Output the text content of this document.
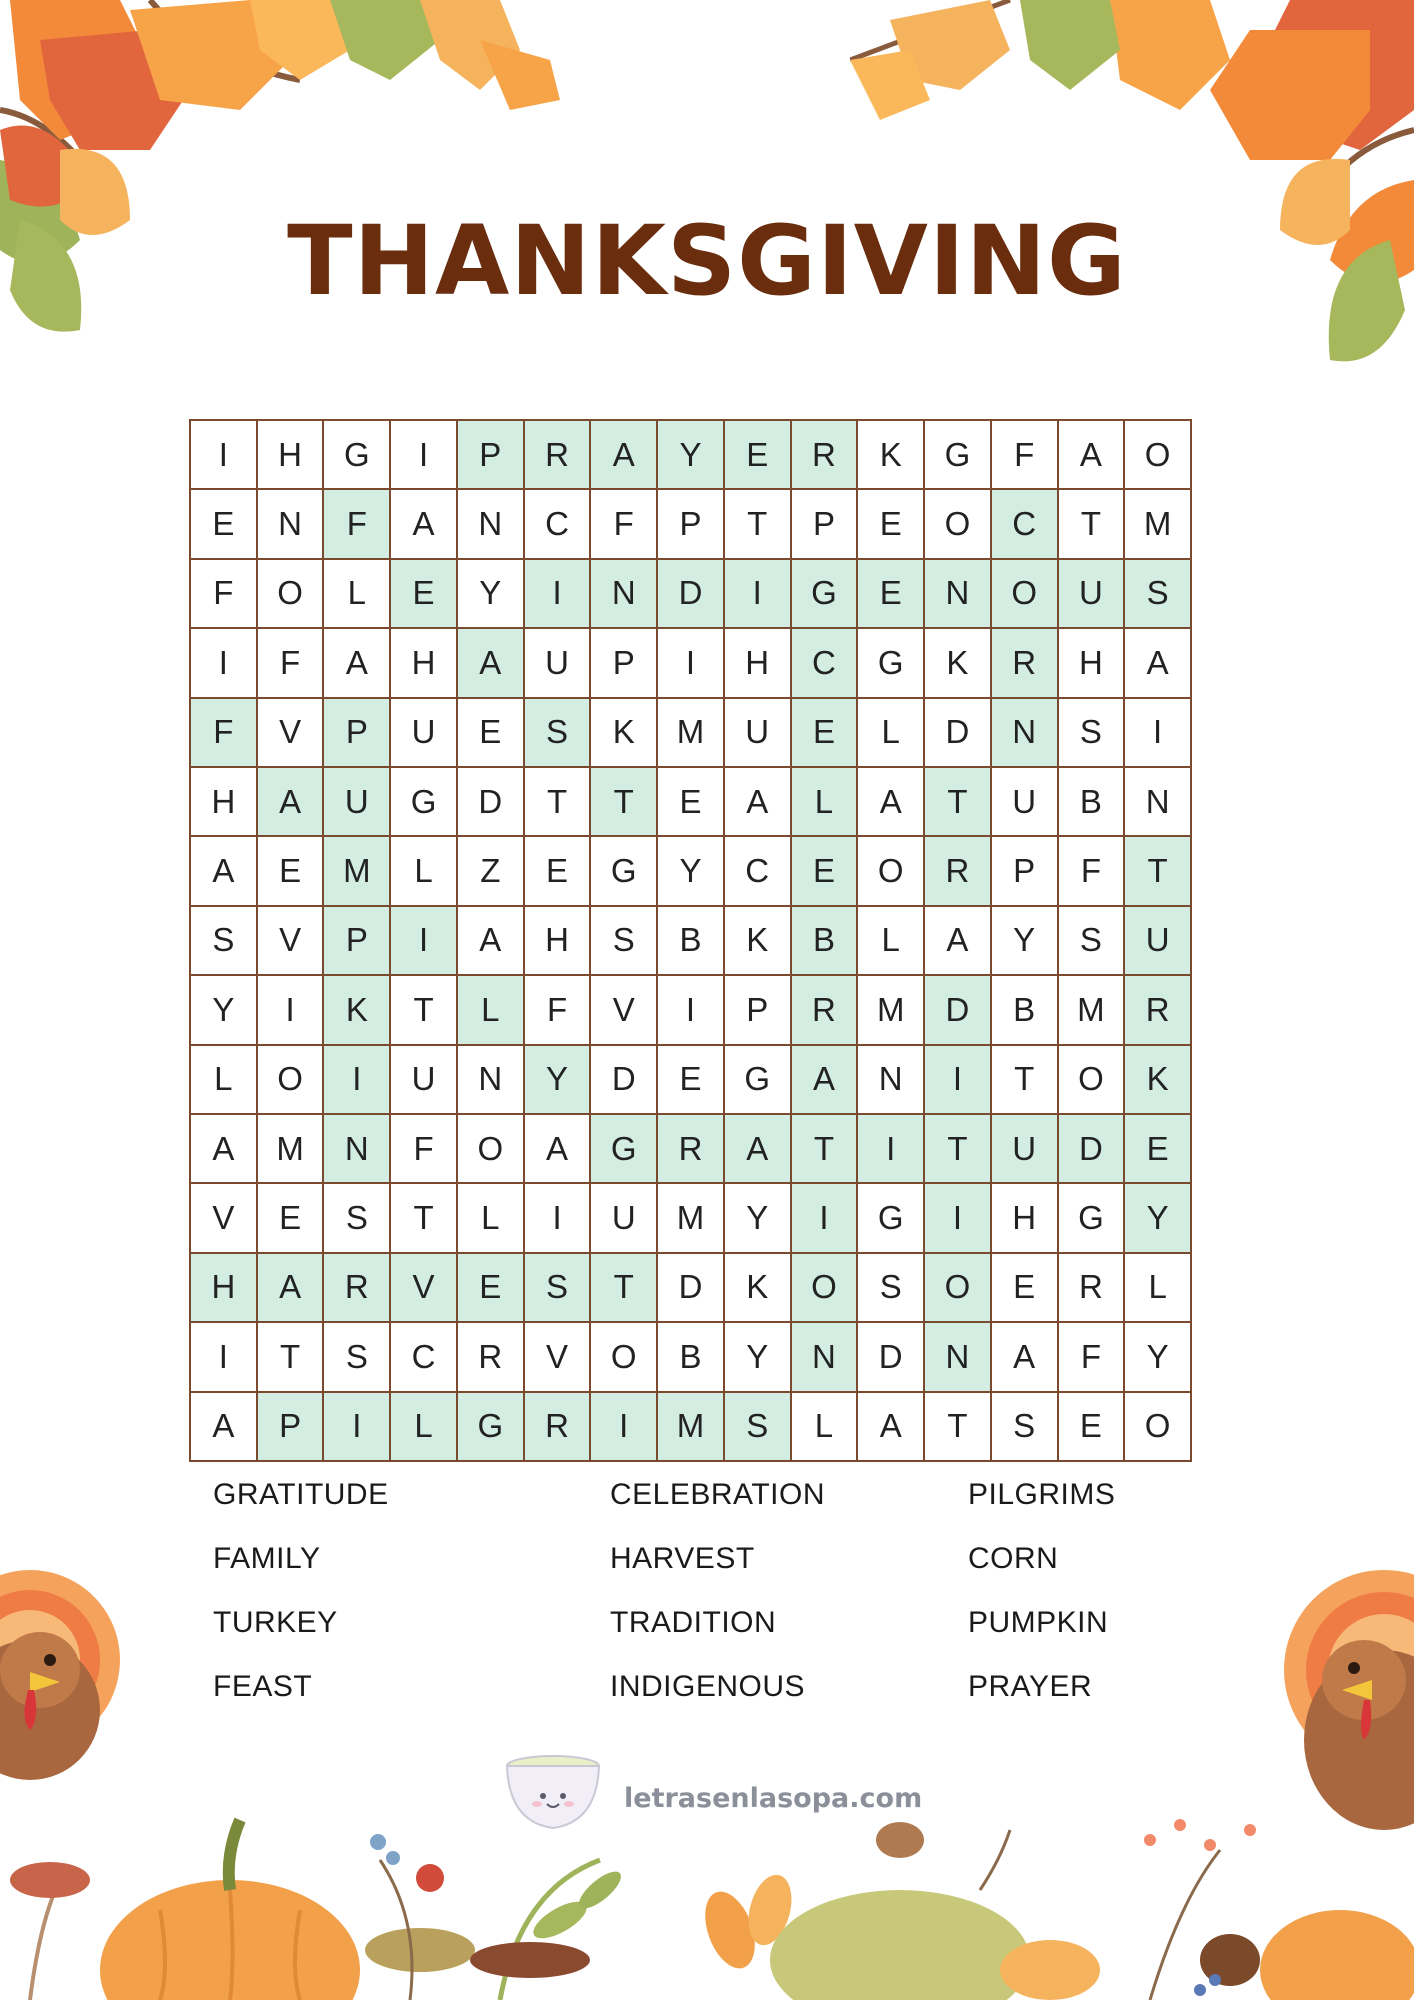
THANKSGIVING
I	H	G	I	P	R	A	Y	E	R	K	G	F	A	O
E	N	F	A	N	C	F	P	T	P	E	O	C	T	M
F	O	L	E	Y	I	N	D	I	G	E	N	O	U	S
I	F	A	H	A	U	P	I	H	C	G	K	R	H	A
F	V	P	U	E	S	K	M	U	E	L	D	N	S	I
H	A	U	G	D	T	T	E	A	L	A	T	U	B	N
A	E	M	L	Z	E	G	Y	C	E	O	R	P	F	T
S	V	P	I	A	H	S	B	K	B	L	A	Y	S	U
Y	I	K	T	L	F	V	I	P	R	M	D	B	M	R
L	O	I	U	N	Y	D	E	G	A	N	I	T	O	K
A	M	N	F	O	A	G	R	A	T	I	T	U	D	E
V	E	S	T	L	I	U	M	Y	I	G	I	H	G	Y
H	A	R	V	E	S	T	D	K	O	S	O	E	R	L
I	T	S	C	R	V	O	B	Y	N	D	N	A	F	Y
A	P	I	L	G	R	I	M	S	L	A	T	S	E	O
GRATITUDE
FAMILY
TURKEY
FEAST
CELEBRATION
HARVEST
TRADITION
INDIGENOUS
PILGRIMS
CORN
PUMPKIN
PRAYER
letrasenlasopa.com
